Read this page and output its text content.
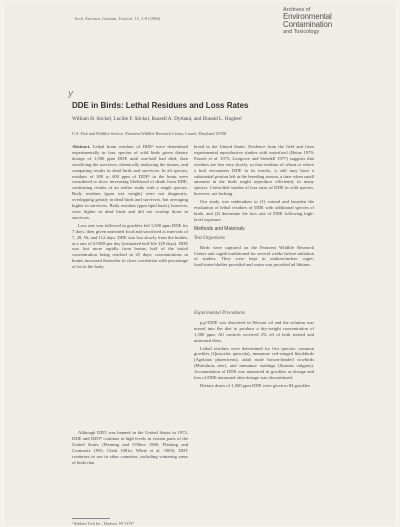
Arch. Environ. Contam. Toxicol. 15, 1-8 (1986)
Archives of
Environmental
Contamination
and Toxicology
y
DDE in Birds: Lethal Residues and Loss Rates
William H. Stickel, Lucille F. Stickel, Russell A. Dyrland, and Donald L. Hughes¹
U.S. Fish and Wildlife Service, Patuxent Wildlife Research Center, Laurel, Maryland 20708

Abstract. Lethal brain residues of DDE² were determined experimentally in four species of wild birds given dietary dosage of 1,500 ppm DDE until one-half had died, then sacrificing the survivors, chemically analyzing the tissues, and comparing results in dead birds and survivors. In all species, residues of 300 to 400 ppm of DDE³ in the brain were considered to show increasing likelihood of death from DDE, confirming results of an earlier study with a single species. Body residues (ppm wet weight) were not diagnostic, overlapping greatly in dead birds and survivors, but averaging higher in survivors. Body residues (ppm lipid basis), however, were higher in dead birds and did not overlap those in survivors.

Loss rate was followed in grackles fed 1,500 ppm DDE for 7 days, then given untreated food and sacrificed at intervals of 7, 28, 56, and 112 days. DDE was lost slowly from the bodies, at a rate of 0.0058 per day (estimated half-life 229 days). DDE was lost more rapidly from brains, half of the initial concentration being reached in 25 days; concentrations in brains increased thereafter in close correlation with percentage of fat in the body.

Although DDT was banned in the United States in 1972, DDE and DDT³ continue at high levels in certain parts of the United States (Fleming and O'Shea 1980; Fleming and Cromartie 1981; Clark 1981a; White et al. 1983). DDT continues in use in other countries, including wintering areas of birds that

breed in the United States. Evidence from the field and from experimental reproductive studies with waterfowl (Heinz 1979; Fassett et al. 1975; Longcore and Stendell 1977) suggests that residues are less very slowly, so that residues of wheat or where a bird encounters DDE in its travels, it still may have a substantial portion left at the breeding season, a time when small amounts in the birds might reproduce efficiently in many species. Controlled studies of loss rates of DDE in wild species, however, are lacking.

Our study was undertaken to (1) extend and broaden the evaluation of lethal residues of DDE with additional species of birds, and (2) determine the loss rate of DDE following high-level exposure.

Methods and Materials
Test Organisms

Birds were captured on the Patuxent Wildlife Research Center and caged/conditioned for several weeks before initiation of studies. They were kept in outdoor/indoor cages; food/water/shelter provided and water was provided ad libitum.

Experimental Procedures

p,p'-DDE was dissolved in Wesson oil and the solution was mixed into the diet to produce a dry-weight concentration of 1,500 ppm. All controls received 2% oil of both treated and untreated diets.

Lethal residues were determined for five species: common grackles (Quiscalus quiscula), immature red-winged blackbirds (Agelaius phoeniceus), adult male brown-headed cowbirds (Molothrus ater), and immature starlings (Sturnus vulgaris). Accumulation of DDE was measured in grackles as dosage and loss of DDE measured after dosage was discontinued.

Dietary doses of 1,500 ppm DDE were given to 84 grackles

¹ Robbins Tech Inc., Madison, WI 53707
